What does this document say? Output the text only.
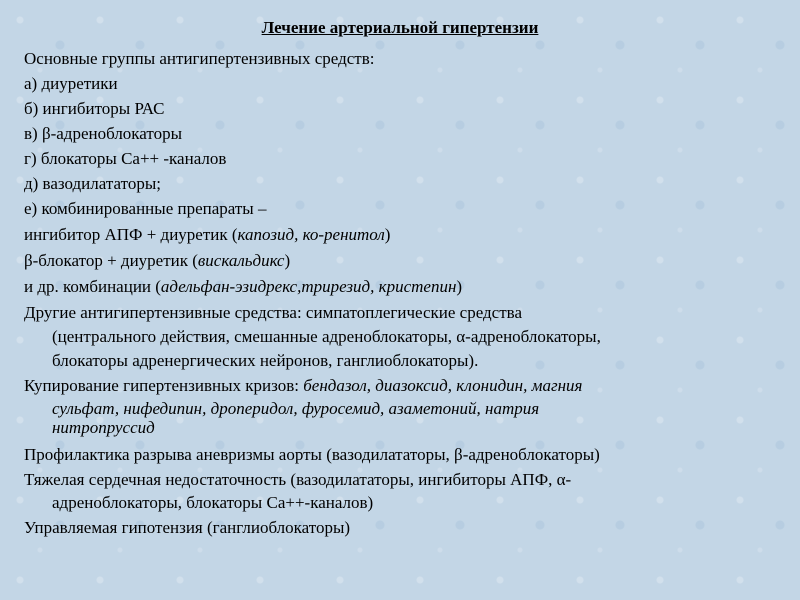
Лечение артериальной гипертензии
Основные группы антигипертензивных средств:
а) диуретики
б) ингибиторы РАС
в) β-адреноблокаторы
г) блокаторы Са++ -каналов
д) вазодилататоры;
е) комбинированные препараты –
ингибитор АПФ + диуретик (капозид, ко-ренитол)
β-блокатор + диуретик (вискальдикс)
и др. комбинации (адельфан-эзидрекс,трирезид, кристепин)
Другие антигипертензивные средства: симпатоплегические средства
(центрального действия, смешанные адреноблокаторы, α-адреноблокаторы,
блокаторы адренергических нейронов, ганглиоблокаторы).
Купирование гипертензивных кризов: бендазол, диазоксид, клонидин, магния
сульфат, нифедипин, дроперидол, фуросемид, азаметоний, натрия
нитропруссид
Профилактика разрыва аневризмы аорты (вазодилататоры, β-адреноблокаторы)
Тяжелая сердечная недостаточность (вазодилататоры, ингибиторы АПФ, α-
адреноблокаторы, блокаторы Са++-каналов)
Управляемая гипотензия (ганглиоблокаторы)
